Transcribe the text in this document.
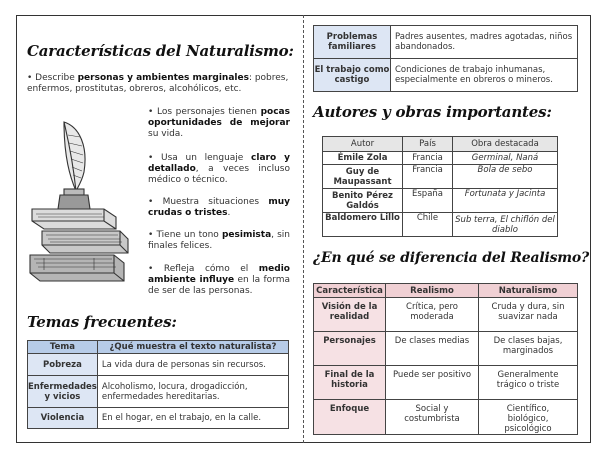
Características del Naturalismo:
• Describe personas y ambientes marginales: pobres, enfermos, prostitutas, obreros, alcohólicos, etc.
• Los personajes tienen pocas oportunidades de mejorar su vida.
• Usa un lenguaje claro y detallado, a veces incluso médico o técnico.
• Muestra situaciones muy crudas o tristes.
• Tiene un tono pesimista, sin finales felices.
• Refleja cómo el medio ambiente influye en la forma de ser de las personas.
Temas frecuentes:
Tema	¿Qué muestra el texto naturalista?
Pobreza	La vida dura de personas sin recursos.
Enfermedades y vicios	Alcoholismo, locura, drogadicción, enfermedades hereditarias.
Violencia	En el hogar, en el trabajo, en la calle.
Problemas familiares	Padres ausentes, madres agotadas, niños abandonados.
El trabajo como castigo	Condiciones de trabajo inhumanas, especialmente en obreros o mineros.
Autores y obras importantes:
Autor	País	Obra destacada
Émile Zola	Francia	Germinal, Naná
Guy de Maupassant	Francia	Bola de sebo
Benito Pérez Galdós	España	Fortunata y Jacinta
Baldomero Lillo	Chile	Sub terra, El chiflón del diablo
¿En qué se diferencia del Realismo?
Característica	Realismo	Naturalismo
Visión de la realidad	Crítica, pero moderada	Cruda y dura, sin suavizar nada
Personajes	De clases medias	De clases bajas, marginados
Final de la historia	Puede ser positivo	Generalmente trágico o triste
Enfoque	Social y costumbrista	Científico, biológico, psicológico
